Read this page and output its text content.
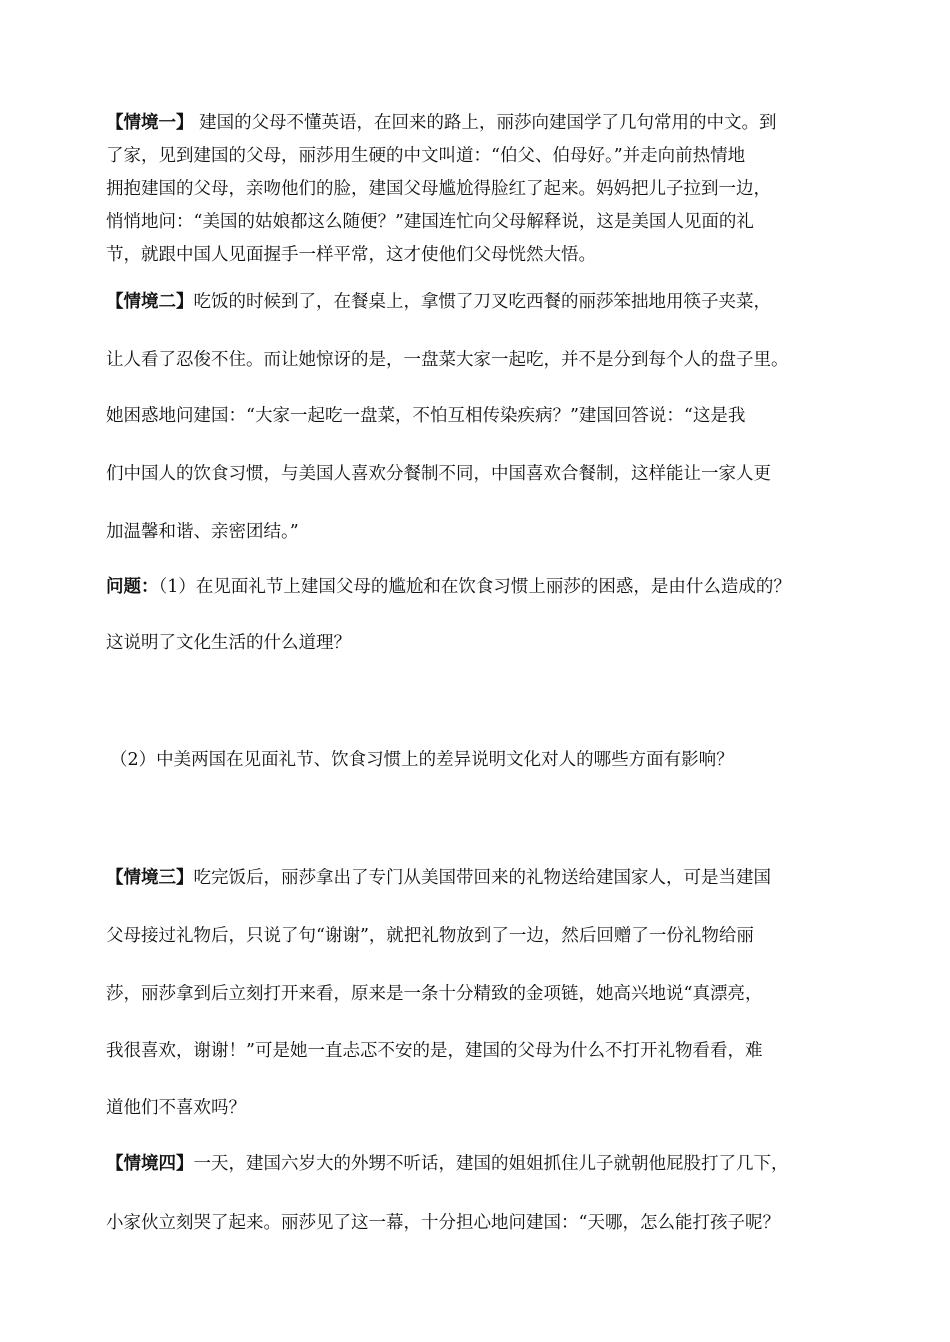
【情境一】 建国的父母不懂英语，在回来的路上，丽莎向建国学了几句常用的中文。到
了家，见到建国的父母，丽莎用生硬的中文叫道：“伯父、伯母好。”并走向前热情地
拥抱建国的父母，亲吻他们的脸，建国父母尴尬得脸红了起来。妈妈把儿子拉到一边，
悄悄地问：“美国的姑娘都这么随便？”建国连忙向父母解释说，这是美国人见面的礼
节，就跟中国人见面握手一样平常，这才使他们父母恍然大悟。
【情境二】吃饭的时候到了，在餐桌上，拿惯了刀叉吃西餐的丽莎笨拙地用筷子夹菜，
让人看了忍俊不住。而让她惊讶的是，一盘菜大家一起吃，并不是分到每个人的盘子里。
她困惑地问建国：“大家一起吃一盘菜，不怕互相传染疾病？”建国回答说：“这是我
们中国人的饮食习惯，与美国人喜欢分餐制不同，中国喜欢合餐制，这样能让一家人更
加温馨和谐、亲密团结。”
问题：（1）在见面礼节上建国父母的尴尬和在饮食习惯上丽莎的困惑，是由什么造成的？
这说明了文化生活的什么道理？
（2）中美两国在见面礼节、饮食习惯上的差异说明文化对人的哪些方面有影响？
【情境三】吃完饭后，丽莎拿出了专门从美国带回来的礼物送给建国家人，可是当建国
父母接过礼物后，只说了句“谢谢”，就把礼物放到了一边，然后回赠了一份礼物给丽
莎，丽莎拿到后立刻打开来看，原来是一条十分精致的金项链，她高兴地说“真漂亮，
我很喜欢，谢谢！”可是她一直忐忑不安的是，建国的父母为什么不打开礼物看看，难
道他们不喜欢吗？
【情境四】一天，建国六岁大的外甥不听话，建国的姐姐抓住儿子就朝他屁股打了几下，
小家伙立刻哭了起来。丽莎见了这一幕，十分担心地问建国：“天哪，怎么能打孩子呢？
